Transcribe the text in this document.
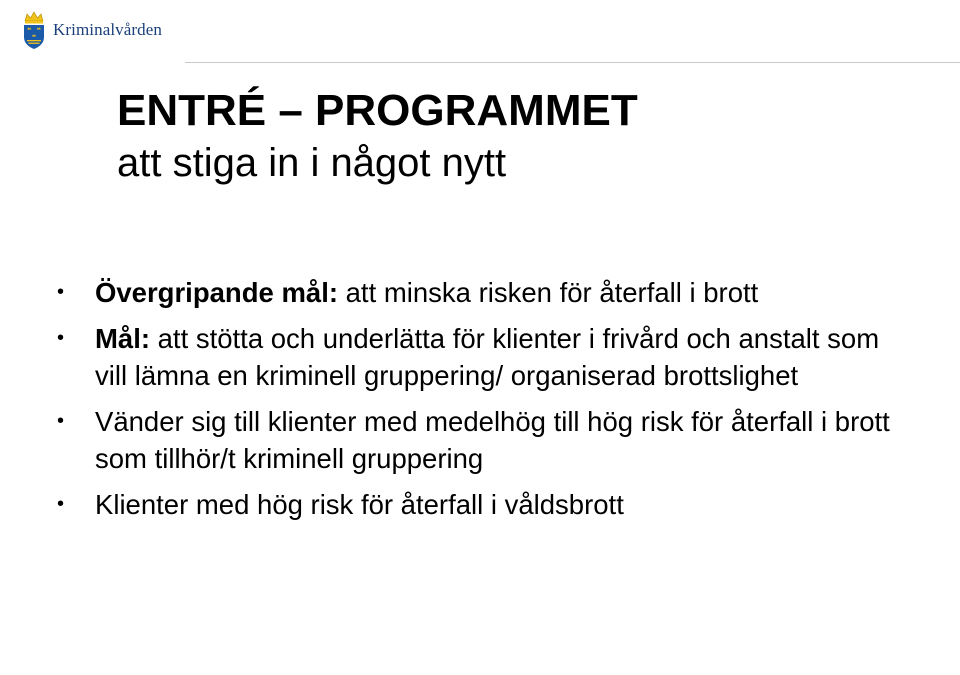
Kriminalvården
ENTRÉ – PROGRAMMET

att stiga in i något nytt

• Övergripande mål: att minska risken för återfall i brott
• Mål: att stötta och underlätta för klienter i frivård och anstalt som vill lämna en kriminell gruppering/ organiserad brottslighet
• Vänder sig till klienter med medelhög till hög risk för återfall i brott som tillhör/t kriminell gruppering
• Klienter med hög risk för återfall i våldsbrott
